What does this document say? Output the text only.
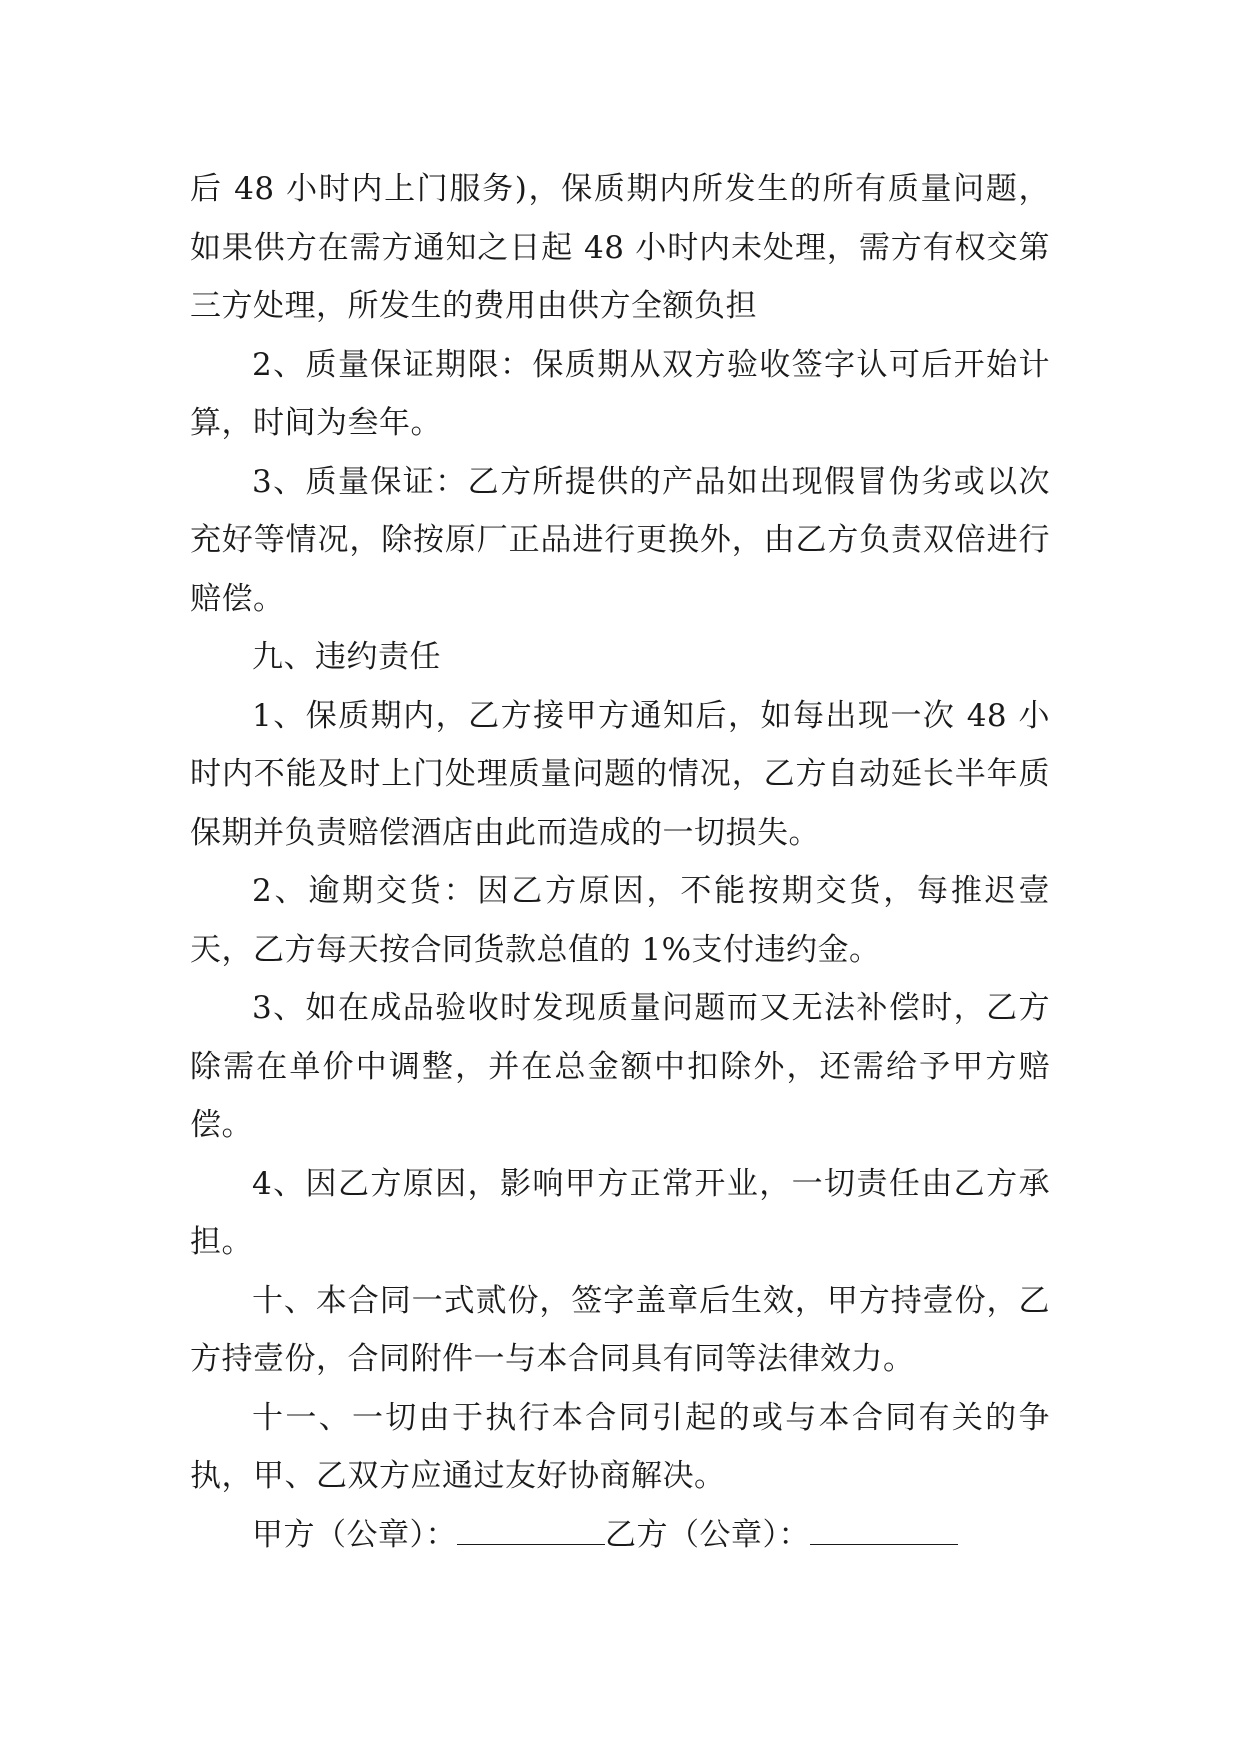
后 48 小时内上门服务)，保质期内所发生的所有质量问题，如果供方在需方通知之日起 48 小时内未处理，需方有权交第三方处理，所发生的费用由供方全额负担

2、质量保证期限：保质期从双方验收签字认可后开始计算，时间为叁年。

3、质量保证：乙方所提供的产品如出现假冒伪劣或以次充好等情况，除按原厂正品进行更换外，由乙方负责双倍进行赔偿。

九、违约责任

1、保质期内，乙方接甲方通知后，如每出现一次 48 小时内不能及时上门处理质量问题的情况，乙方自动延长半年质保期并负责赔偿酒店由此而造成的一切损失。

2、逾期交货：因乙方原因，不能按期交货，每推迟壹天，乙方每天按合同货款总值的 1%支付违约金。

3、如在成品验收时发现质量问题而又无法补偿时，乙方除需在单价中调整，并在总金额中扣除外，还需给予甲方赔偿。

4、因乙方原因，影响甲方正常开业，一切责任由乙方承担。

十、本合同一式贰份，签字盖章后生效，甲方持壹份，乙方持壹份，合同附件一与本合同具有同等法律效力。

十一、一切由于执行本合同引起的或与本合同有关的争执，甲、乙双方应通过友好协商解决。

甲方（公章）：	乙方（公章）：
